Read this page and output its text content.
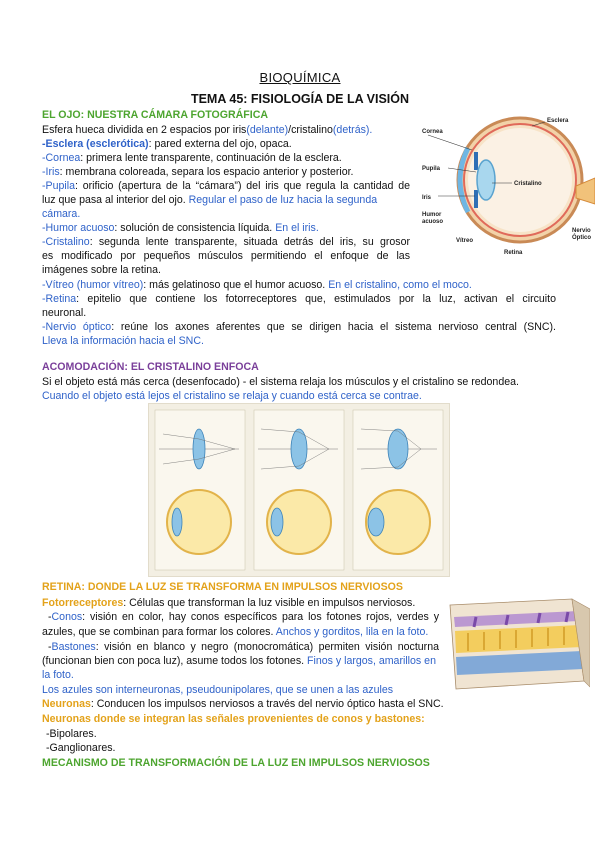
BIOQUÍMICA
TEMA 45: FISIOLOGÍA DE LA VISIÓN
EL OJO: NUESTRA CÁMARA FOTOGRÁFICA
Esfera hueca dividida en 2 espacios por iris(delante)/cristalino(detrás).
-Esclera (esclerótica): pared externa del ojo, opaca.
-Cornea: primera lente transparente, continuación de la esclera.
-Iris: membrana coloreada, separa los espacio anterior y posterior.
-Pupila: orificio (apertura de la “cámara”) del iris que regula la cantidad de
luz que pasa al interior del ojo. Regular el paso de luz hacia la segunda
cámara.
-Humor acuoso: solución de consistencia líquida. En el iris.
-Cristalino: segunda lente transparente, situada detrás del iris, su grosor
es modificado por pequeños músculos permitiendo el enfoque de las
imágenes sobre la retina.
-Vítreo (humor vítreo): más gelatinoso que el humor acuoso. En el cristalino, como el moco.
-Retina: epitelio que contiene los fotorreceptores que, estimulados por la luz, activan el circuito
neuronal.
-Nervio óptico: reúne los axones aferentes que se dirigen hacia el sistema nervioso central (SNC).
Lleva la información hacia el SNC.
Esclera
Cornea
Pupila
Iris
Cristalino
Humor
acuoso
Vítreo
Retina
Nervio
Óptico
ACOMODACIÓN: EL CRISTALINO ENFOCA
Si el objeto está más cerca (desenfocado) - el sistema relaja los músculos y el cristalino se redondea.
Cuando el objeto está lejos el cristalino se relaja y cuando está cerca se contrae.
RETINA: DONDE LA LUZ SE TRANSFORMA EN IMPULSOS NERVIOSOS
Fotorreceptores: Células que transforman la luz visible en impulsos nerviosos.
-Conos: visión en color, hay conos específicos para los fotones rojos, verdes y
azules, que se combinan para formar los colores. Anchos y gorditos, lila en la foto.
-Bastones: visión en blanco y negro (monocromática) permiten visión nocturna
(funcionan bien con poca luz), asume todos los fotones. Finos y largos, amarillos en
la foto.
Los azules son interneuronas, pseudounipolares, que se unen a las azules
Neuronas: Conducen los impulsos nerviosos a través del nervio óptico hasta el SNC.
Neuronas donde se integran las señales provenientes de conos y bastones:
-Bipolares.
-Ganglionares.
MECANISMO DE TRANSFORMACIÓN DE LA LUZ EN IMPULSOS NERVIOSOS
